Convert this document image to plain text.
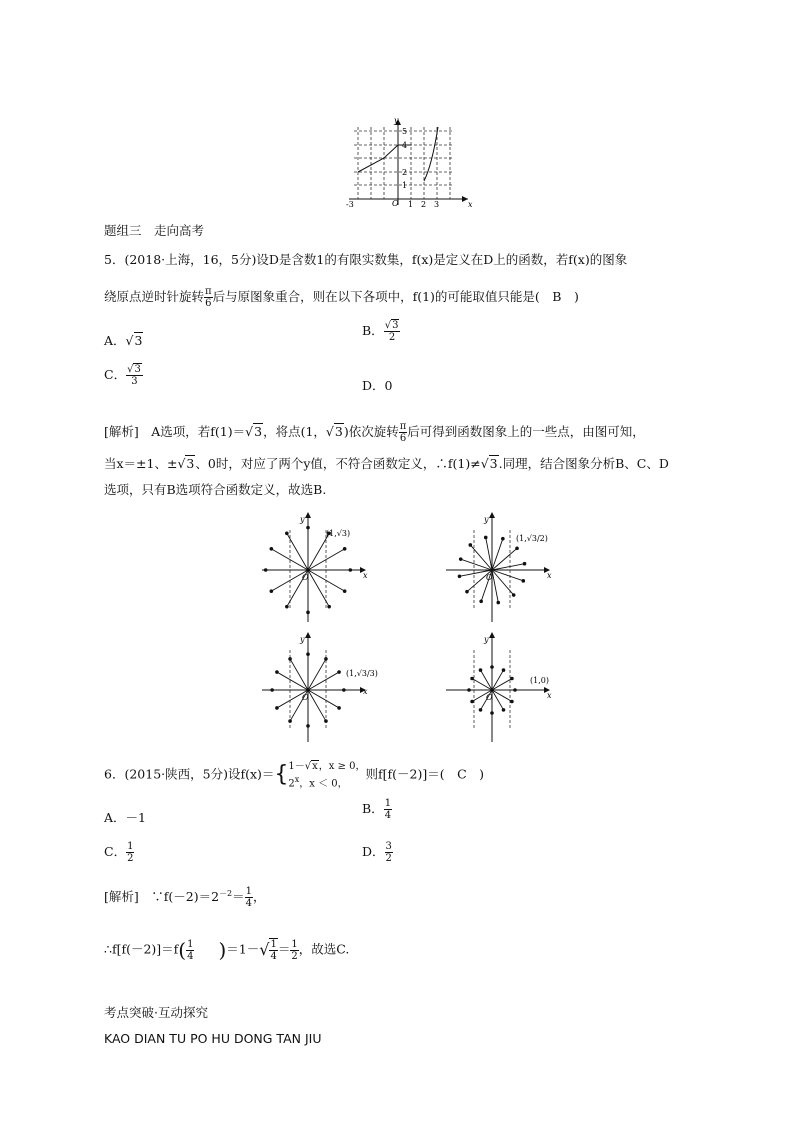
y
x
O
5
4
2
1
-3	1 2 3
题组三　走向高考
5．(2018·上海，16，5分)设D是含数1的有限实数集，f(x)是定义在D上的函数，若f(x)的图象
绕原点逆时针旋转 $\frac{\pi}{6}$ 后与原图象重合，则在以下各项中，f(1)的可能取值只能是(　B　)
A．√3
B． $\frac{√3}{2}$
C． $\frac{√3}{3}$	D．0
[解析]　A选项，若f(1)＝√3，将点(1，√3)依次旋转 $\frac{\pi}{6}$ 后可得到函数图象上的一些点，由图可知，
当x＝±1、±√3、0时，对应了两个y值，不符合函数定义，∴f(1)≠√3.同理，结合图象分析B、C、D
选项，只有B选项符合函数定义，故选B.
y
x
O
(1,√3)
y
x
O
(1,√3/2)
y
x
O
(1,√3/3)
y
x
O
(1,0)
6．(2015·陕西，5分)设f(x)＝{ 1－√x，x ≥ 0，
2$^x$，x ＜ 0，
则f[f(－2)]＝(　C　)
A．－1
B． $\frac{1}{4}$
C． $\frac{1}{2}$	D． $\frac{3}{2}$
[解析]　$\because f(-2)=2^{-2}= \frac{1}{4}$ ，
∴f[f(－2)]＝f( $\frac{1}{4} )=1-√ \frac{1}{4} = \frac{1}{2}$ ，故选C.
考点突破·互动探究
KAO DIAN TU PO HU DONG TAN JIU
